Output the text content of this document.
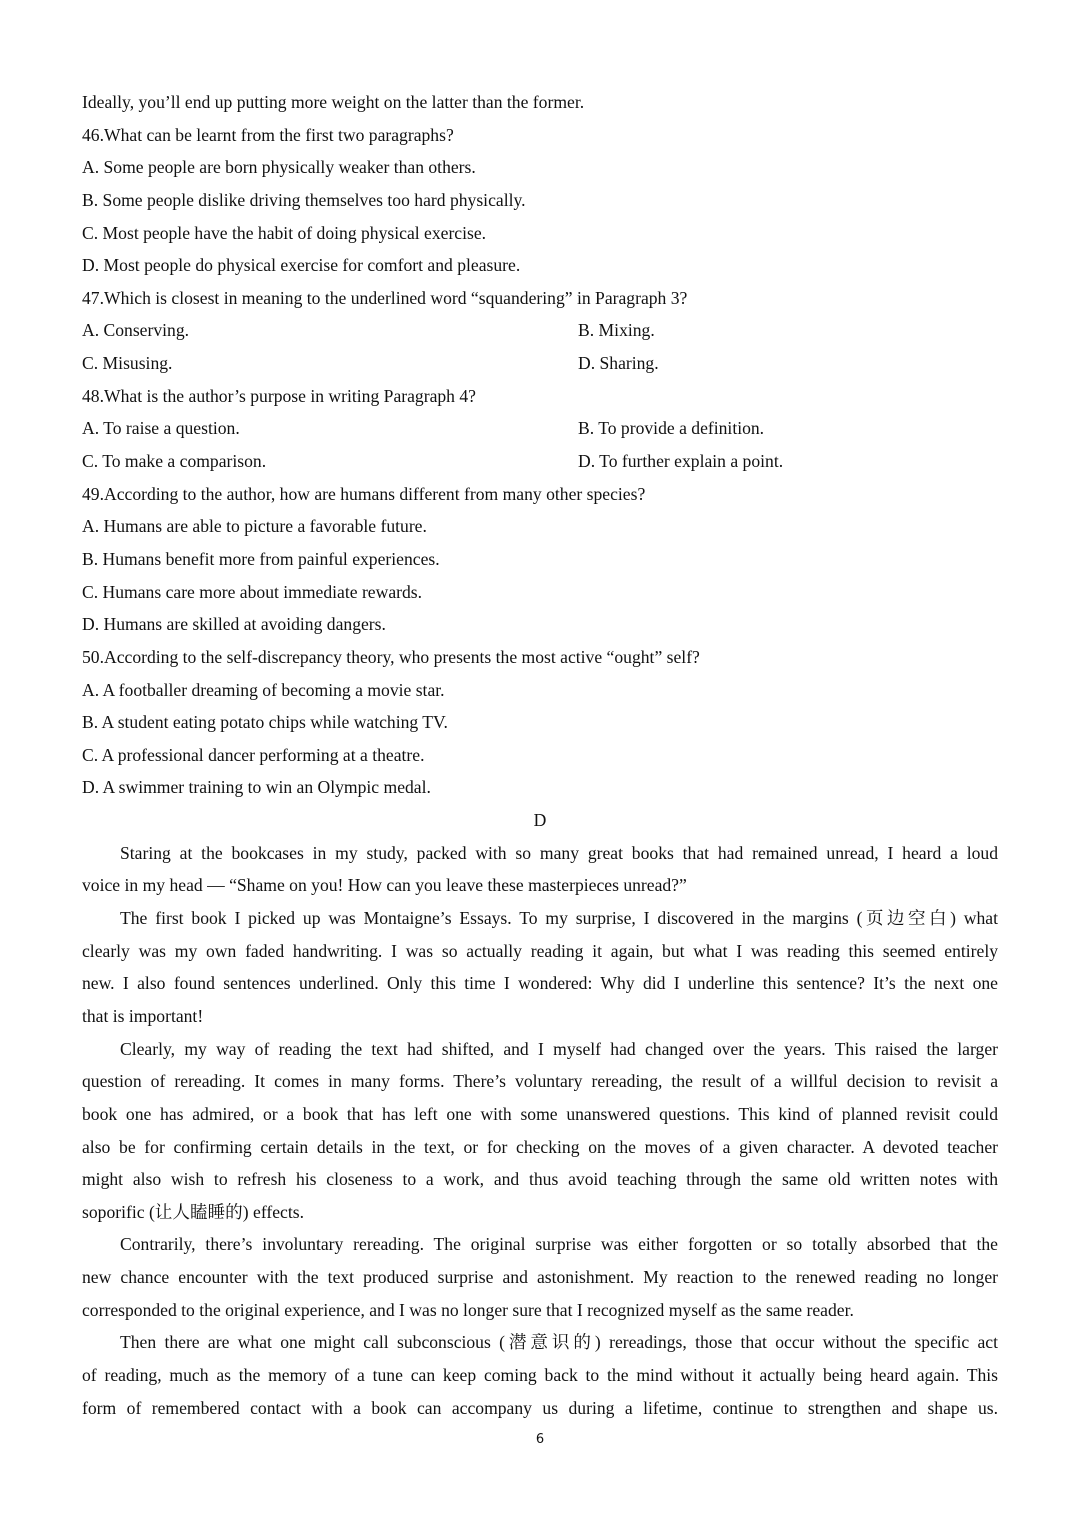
Ideally, you’ll end up putting more weight on the latter than the former.
46.What can be learnt from the first two paragraphs?
A. Some people are born physically weaker than others.
B. Some people dislike driving themselves too hard physically.
C. Most people have the habit of doing physical exercise.
D. Most people do physical exercise for comfort and pleasure.
47.Which is closest in meaning to the underlined word “squandering” in Paragraph 3?
A. Conserving.	B. Mixing.
C. Misusing.	D. Sharing.
48.What is the author’s purpose in writing Paragraph 4?
A. To raise a question.	B. To provide a definition.
C. To make a comparison.	D. To further explain a point.
49.According to the author, how are humans different from many other species?
A. Humans are able to picture a favorable future.
B. Humans benefit more from painful experiences.
C. Humans care more about immediate rewards.
D. Humans are skilled at avoiding dangers.
50.According to the self-discrepancy theory, who presents the most active “ought” self?
A. A footballer dreaming of becoming a movie star.
B. A student eating potato chips while watching TV.
C. A professional dancer performing at a theatre.
D. A swimmer training to win an Olympic medal.
D
Staring at the bookcases in my study, packed with so many great books that had remained unread, I heard a loud
voice in my head — “Shame on you! How can you leave these masterpieces unread?”
The first book I picked up was Montaigne’s Essays. To my surprise, I discovered in the margins (页边空白) what
clearly was my own faded handwriting. I was so actually reading it again, but what I was reading this seemed entirely
new. I also found sentences underlined. Only this time I wondered: Why did I underline this sentence? It’s the next one
that is important!
Clearly, my way of reading the text had shifted, and I myself had changed over the years. This raised the larger
question of rereading. It comes in many forms. There’s voluntary rereading, the result of a willful decision to revisit a
book one has admired, or a book that has left one with some unanswered questions. This kind of planned revisit could
also be for confirming certain details in the text, or for checking on the moves of a given character. A devoted teacher
might also wish to refresh his closeness to a work, and thus avoid teaching through the same old written notes with
soporific (让人瞌睡的) effects.
Contrarily, there’s involuntary rereading. The original surprise was either forgotten or so totally absorbed that the
new chance encounter with the text produced surprise and astonishment. My reaction to the renewed reading no longer
corresponded to the original experience, and I was no longer sure that I recognized myself as the same reader.
Then there are what one might call subconscious (潜意识的) rereadings, those that occur without the specific act
of reading, much as the memory of a tune can keep coming back to the mind without it actually being heard again. This
form of remembered contact with a book can accompany us during a lifetime, continue to strengthen and shape us.
6
